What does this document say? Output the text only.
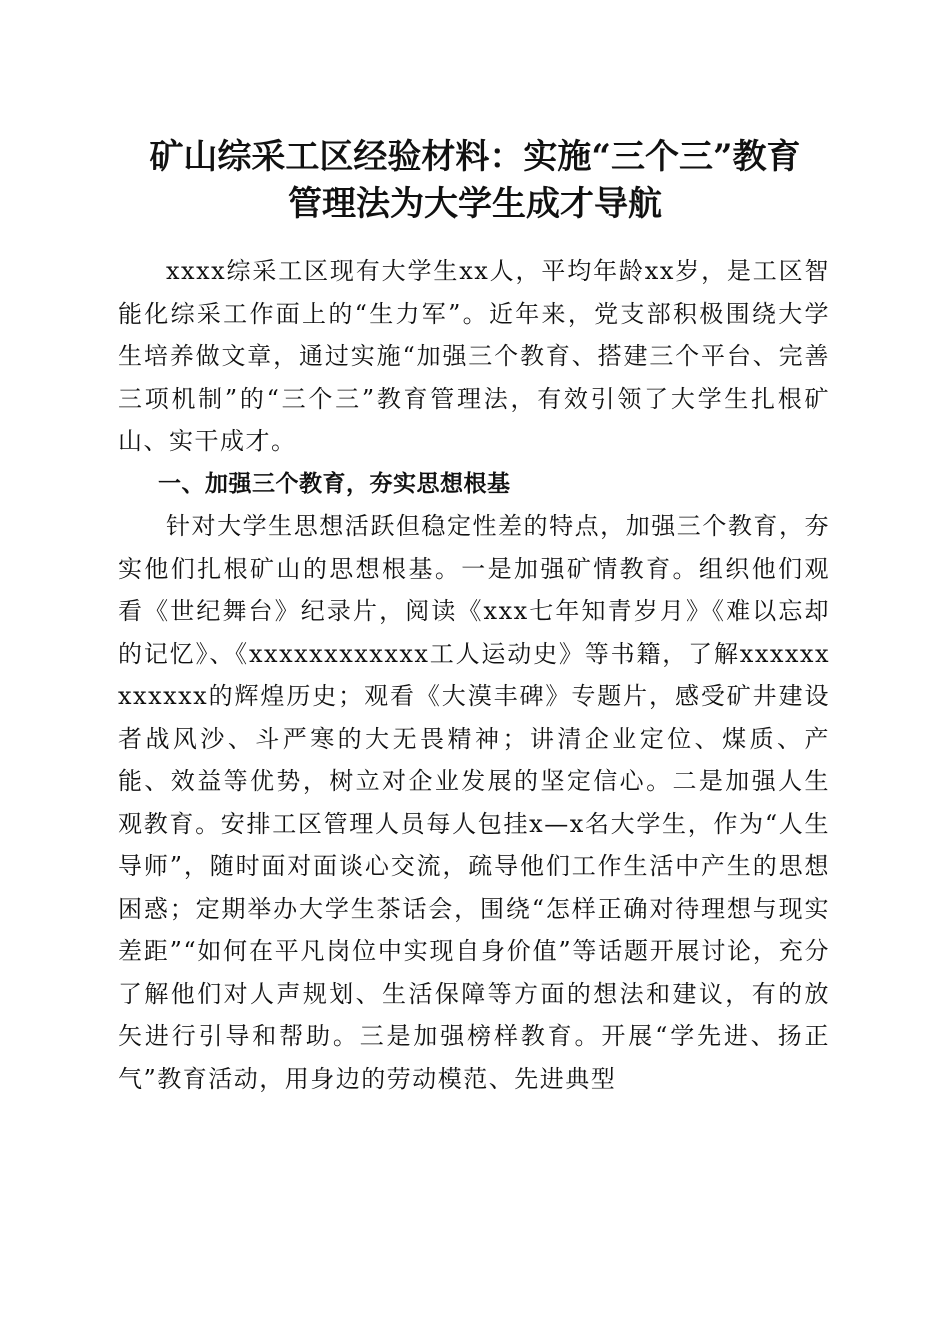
矿山综采工区经验材料：实施“三个三”教育
管理法为大学生成才导航

xxxx综采工区现有大学生xx人，平均年龄xx岁，是工区智能化综采工作面上的“生力军”。近年来，党支部积极围绕大学生培养做文章，通过实施“加强三个教育、搭建三个平台、完善三项机制”的“三个三”教育管理法，有效引领了大学生扎根矿山、实干成才。

一、加强三个教育，夯实思想根基

针对大学生思想活跃但稳定性差的特点，加强三个教育，夯实他们扎根矿山的思想根基。一是加强矿情教育。组织他们观看《世纪舞台》纪录片，阅读《xxx七年知青岁月》《难以忘却的记忆》、《xxxxxxxxxxxx工人运动史》等书籍，了解xxxxxxxxxxxx的辉煌历史；观看《大漠丰碑》专题片，感受矿井建设者战风沙、斗严寒的大无畏精神；讲清企业定位、煤质、产能、效益等优势，树立对企业发展的坚定信心。二是加强人生观教育。安排工区管理人员每人包挂x—x名大学生，作为“人生导师”，随时面对面谈心交流，疏导他们工作生活中产生的思想困惑；定期举办大学生茶话会，围绕“怎样正确对待理想与现实差距”“如何在平凡岗位中实现自身价值”等话题开展讨论，充分了解他们对人声规划、生活保障等方面的想法和建议，有的放矢进行引导和帮助。三是加强榜样教育。开展“学先进、扬正气”教育活动，用身边的劳动模范、先进典型
